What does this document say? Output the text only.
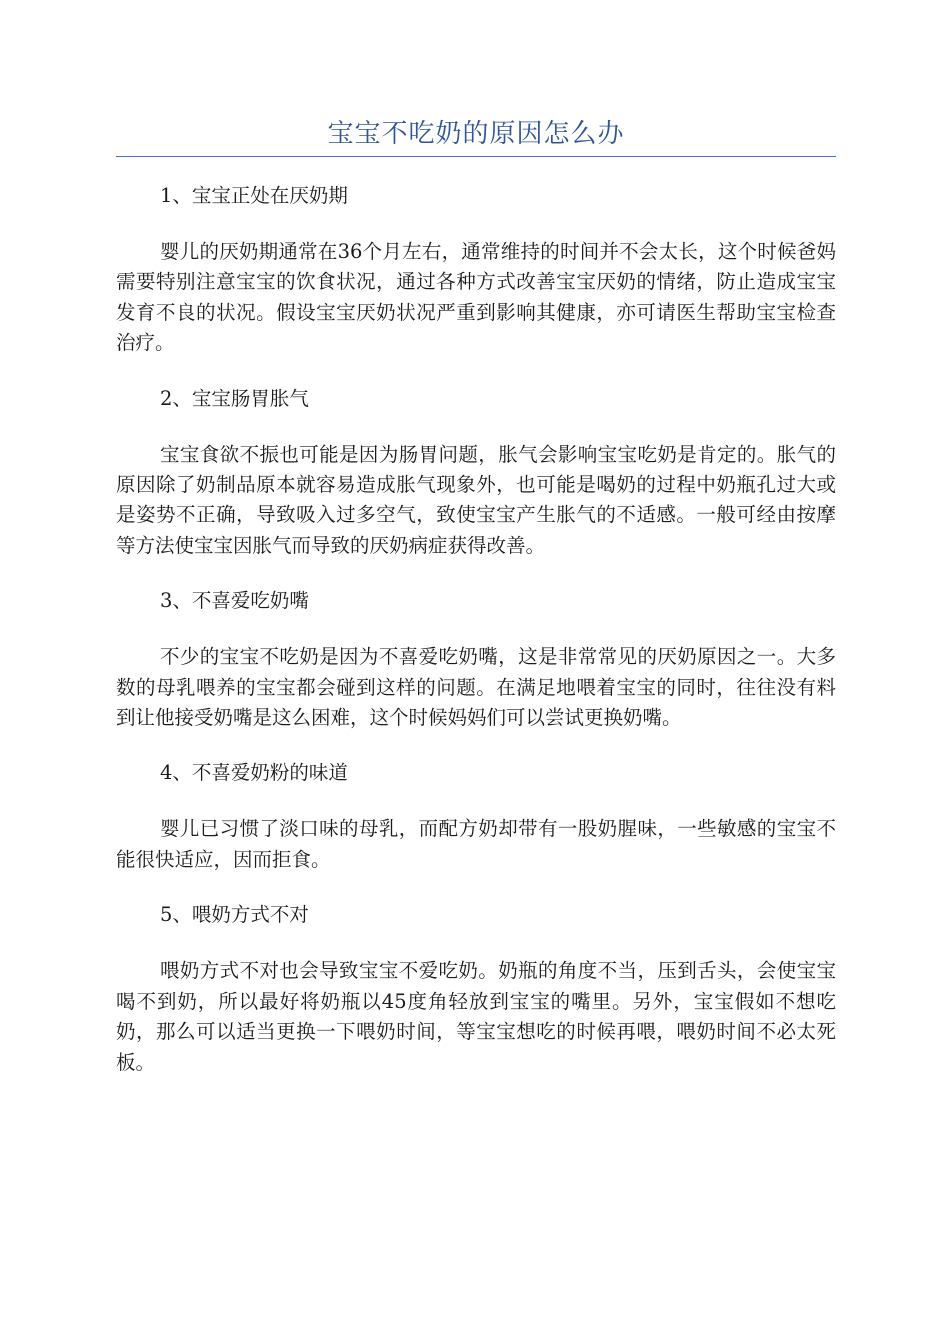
宝宝不吃奶的原因怎么办

1、宝宝正处在厌奶期

婴儿的厌奶期通常在36个月左右，通常维持的时间并不会太长，这个时候爸妈需要特别注意宝宝的饮食状况，通过各种方式改善宝宝厌奶的情绪，防止造成宝宝发育不良的状况。假设宝宝厌奶状况严重到影响其健康，亦可请医生帮助宝宝检查治疗。

2、宝宝肠胃胀气

宝宝食欲不振也可能是因为肠胃问题，胀气会影响宝宝吃奶是肯定的。胀气的原因除了奶制品原本就容易造成胀气现象外，也可能是喝奶的过程中奶瓶孔过大或是姿势不正确，导致吸入过多空气，致使宝宝产生胀气的不适感。一般可经由按摩等方法使宝宝因胀气而导致的厌奶病症获得改善。

3、不喜爱吃奶嘴

不少的宝宝不吃奶是因为不喜爱吃奶嘴，这是非常常见的厌奶原因之一。大多数的母乳喂养的宝宝都会碰到这样的问题。在满足地喂着宝宝的同时，往往没有料到让他接受奶嘴是这么困难，这个时候妈妈们可以尝试更换奶嘴。

4、不喜爱奶粉的味道

婴儿已习惯了淡口味的母乳，而配方奶却带有一股奶腥味，一些敏感的宝宝不能很快适应，因而拒食。

5、喂奶方式不对

喂奶方式不对也会导致宝宝不爱吃奶。奶瓶的角度不当，压到舌头，会使宝宝喝不到奶，所以最好将奶瓶以45度角轻放到宝宝的嘴里。另外，宝宝假如不想吃奶，那么可以适当更换一下喂奶时间，等宝宝想吃的时候再喂，喂奶时间不必太死板。
